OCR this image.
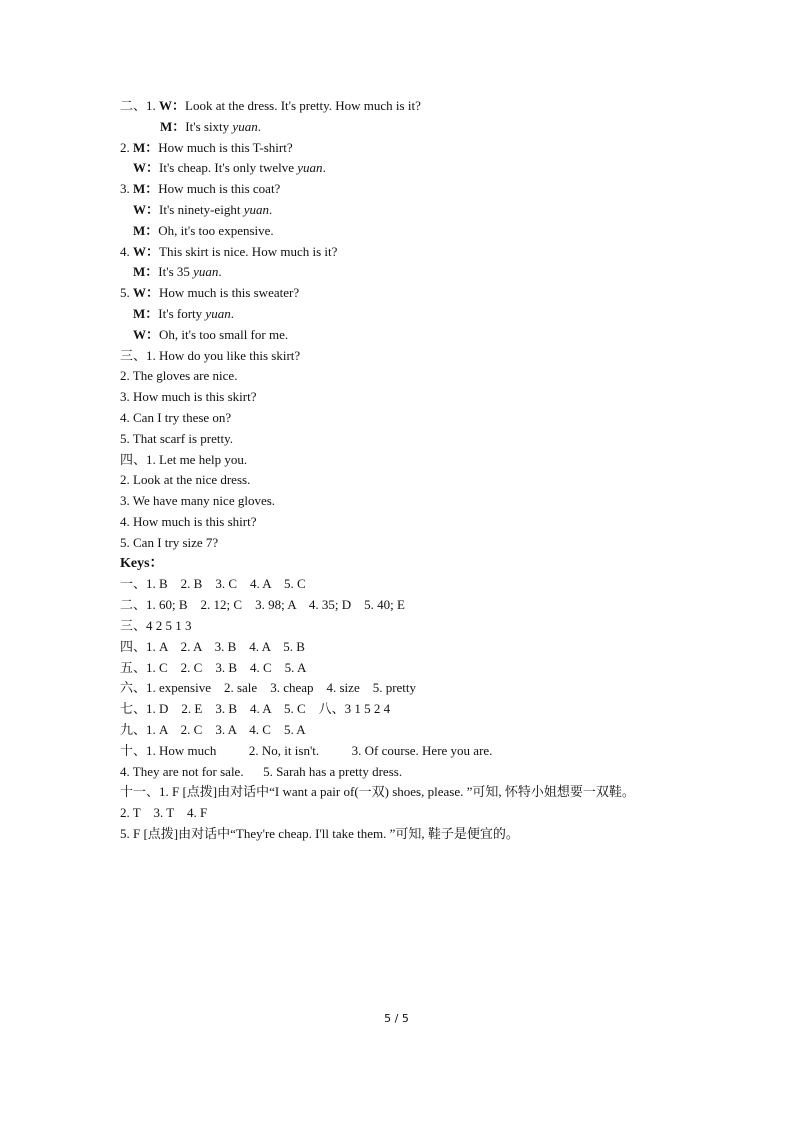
二、1. W：Look at the dress. It's pretty. How much is it?
M：It's sixty yuan.
2. M：How much is this T-shirt?
W：It's cheap. It's only twelve yuan.
3. M：How much is this coat?
W：It's ninety-eight yuan.
M：Oh, it's too expensive.
4. W：This skirt is nice. How much is it?
M：It's 35 yuan.
5. W：How much is this sweater?
M：It's forty yuan.
W：Oh, it's too small for me.
三、1. How do you like this skirt?
2. The gloves are nice.
3. How much is this skirt?
4. Can I try these on?
5. That scarf is pretty.
四、1. Let me help you.
2. Look at the nice dress.
3. We have many nice gloves.
4. How much is this shirt?
5. Can I try size 7?
Keys：
一、1. B    2. B    3. C    4. A    5. C
二、1. 60; B    2. 12; C    3. 98; A    4. 35; D    5. 40; E
三、4 2 5 1 3
四、1. A    2. A    3. B    4. A    5. B
五、1. C    2. C    3. B    4. C    5. A
六、1. expensive    2. sale    3. cheap    4. size    5. pretty
七、1. D    2. E    3. B    4. A    5. C    八、3 1 5 2 4
九、1. A    2. C    3. A    4. C    5. A
十、1. How much          2. No, it isn't.          3. Of course. Here you are.
4. They are not for sale.      5. Sarah has a pretty dress.
十一、1. F [点拨]由对话中“I want a pair of(一双) shoes, please. ”可知, 怀特小姐想要一双鞋。
2. T    3. T    4. F
5. F [点拨]由对话中“They're cheap. I'll take them. ”可知, 鞋子是便宜的。
5 / 5
